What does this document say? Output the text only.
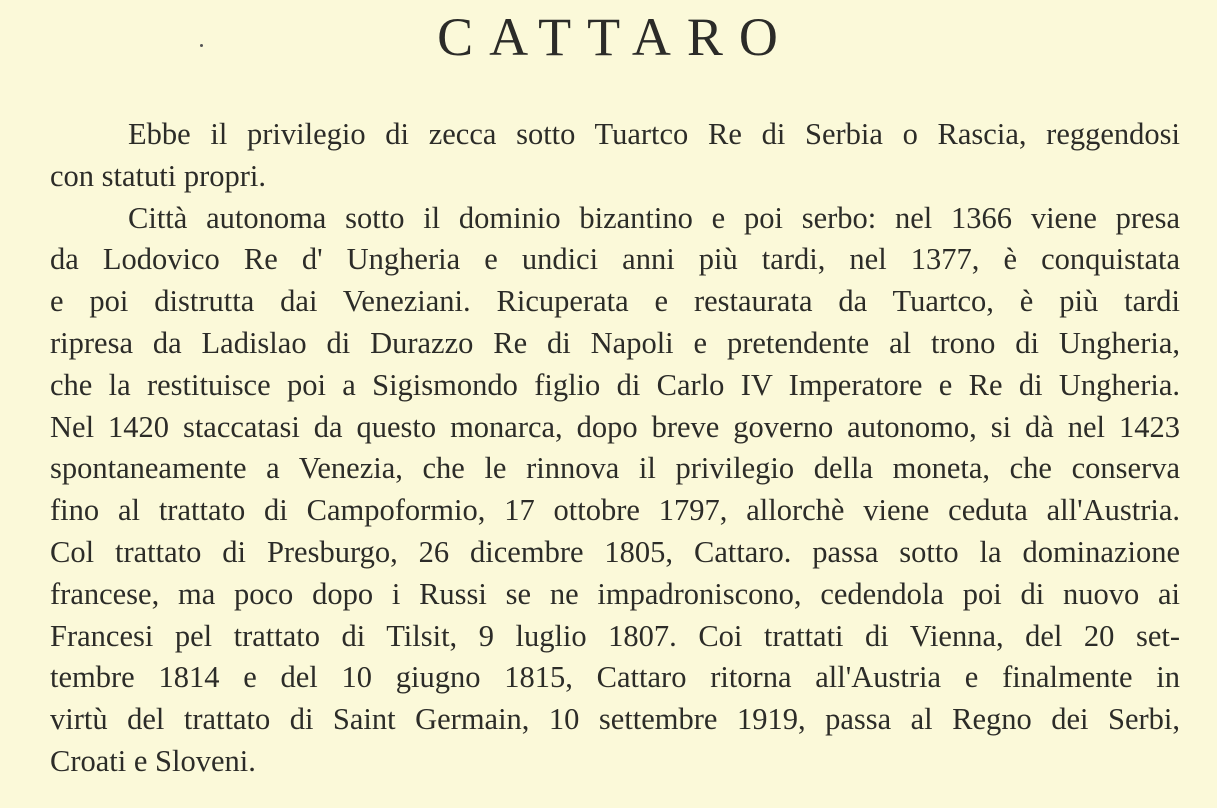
CATTARO
Ebbe il privilegio di zecca sotto Tuartco Re di Serbia o Rascia, reggendosi
con statuti propri.
Città autonoma sotto il dominio bizantino e poi serbo: nel 1366 viene presa
da Lodovico Re d' Ungheria e undici anni più tardi, nel 1377, è conquistata
e poi distrutta dai Veneziani. Ricuperata e restaurata da Tuartco, è più tardi
ripresa da Ladislao di Durazzo Re di Napoli e pretendente al trono di Ungheria,
che la restituisce poi a Sigismondo figlio di Carlo IV Imperatore e Re di Ungheria.
Nel 1420 staccatasi da questo monarca, dopo breve governo autonomo, si dà nel 1423
spontaneamente a Venezia, che le rinnova il privilegio della moneta, che conserva
fino al trattato di Campoformio, 17 ottobre 1797, allorchè viene ceduta all'Austria.
Col trattato di Presburgo, 26 dicembre 1805, Cattaro. passa sotto la dominazione
francese, ma poco dopo i Russi se ne impadroniscono, cedendola poi di nuovo ai
Francesi pel trattato di Tilsit, 9 luglio 1807. Coi trattati di Vienna, del 20 set-
tembre 1814 e del 10 giugno 1815, Cattaro ritorna all'Austria e finalmente in
virtù del trattato di Saint Germain, 10 settembre 1919, passa al Regno dei Serbi,
Croati e Sloveni.
